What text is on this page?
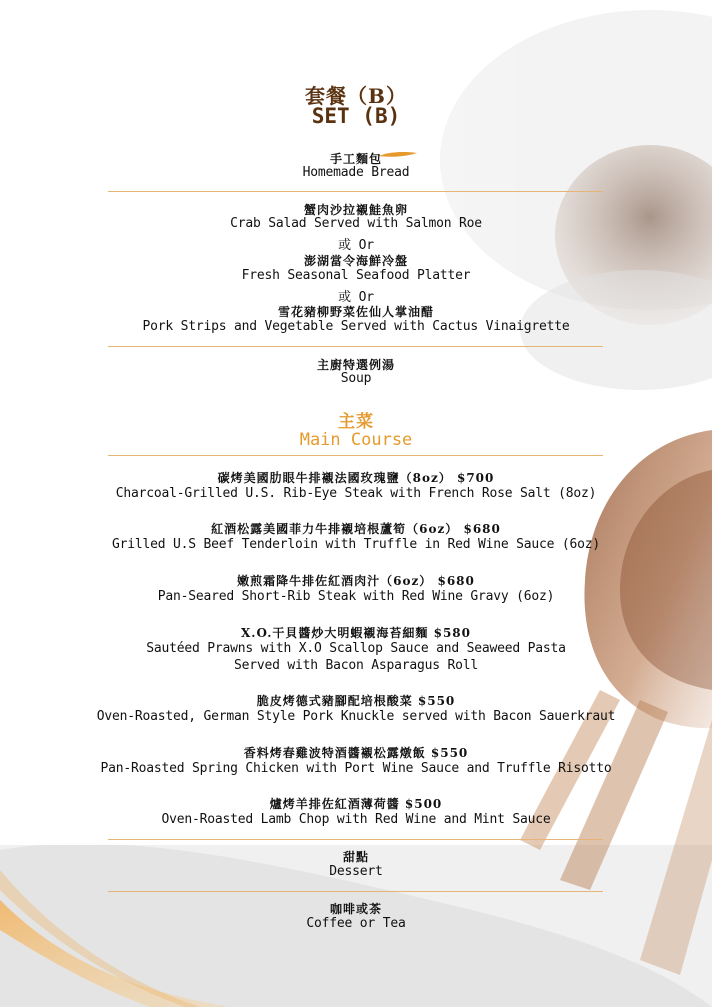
套餐（B）
SET (B)
手工麵包
Homemade Bread
蟹肉沙拉襯鮭魚卵
Crab Salad Served with Salmon Roe
或 Or
澎湖當令海鮮冷盤
Fresh Seasonal Seafood Platter
或 Or
雪花豬柳野菜佐仙人掌油醋
Pork Strips and Vegetable Served with Cactus Vinaigrette
主廚特選例湯
Soup
主菜
Main Course
碳烤美國肋眼牛排襯法國玫瑰鹽（8oz） $700
Charcoal-Grilled U.S. Rib-Eye Steak with French Rose Salt (8oz)
紅酒松露美國菲力牛排襯培根蘆筍（6oz） $680
Grilled U.S Beef Tenderloin with Truffle in Red Wine Sauce (6oz)
嫩煎霜降牛排佐紅酒肉汁（6oz） $680
Pan-Seared Short-Rib Steak with Red Wine Gravy (6oz)
X.O.干貝醬炒大明蝦襯海苔細麵 $580
Sautéed Prawns with X.O Scallop Sauce and Seaweed Pasta
Served with Bacon Asparagus Roll
脆皮烤德式豬腳配培根酸菜 $550
Oven-Roasted, German Style Pork Knuckle served with Bacon Sauerkraut
香料烤春雞波特酒醬襯松露燉飯 $550
Pan-Roasted Spring Chicken with Port Wine Sauce and Truffle Risotto
爐烤羊排佐紅酒薄荷醬 $500
Oven-Roasted Lamb Chop with Red Wine and Mint Sauce
甜點
Dessert
咖啡或茶
Coffee or Tea
